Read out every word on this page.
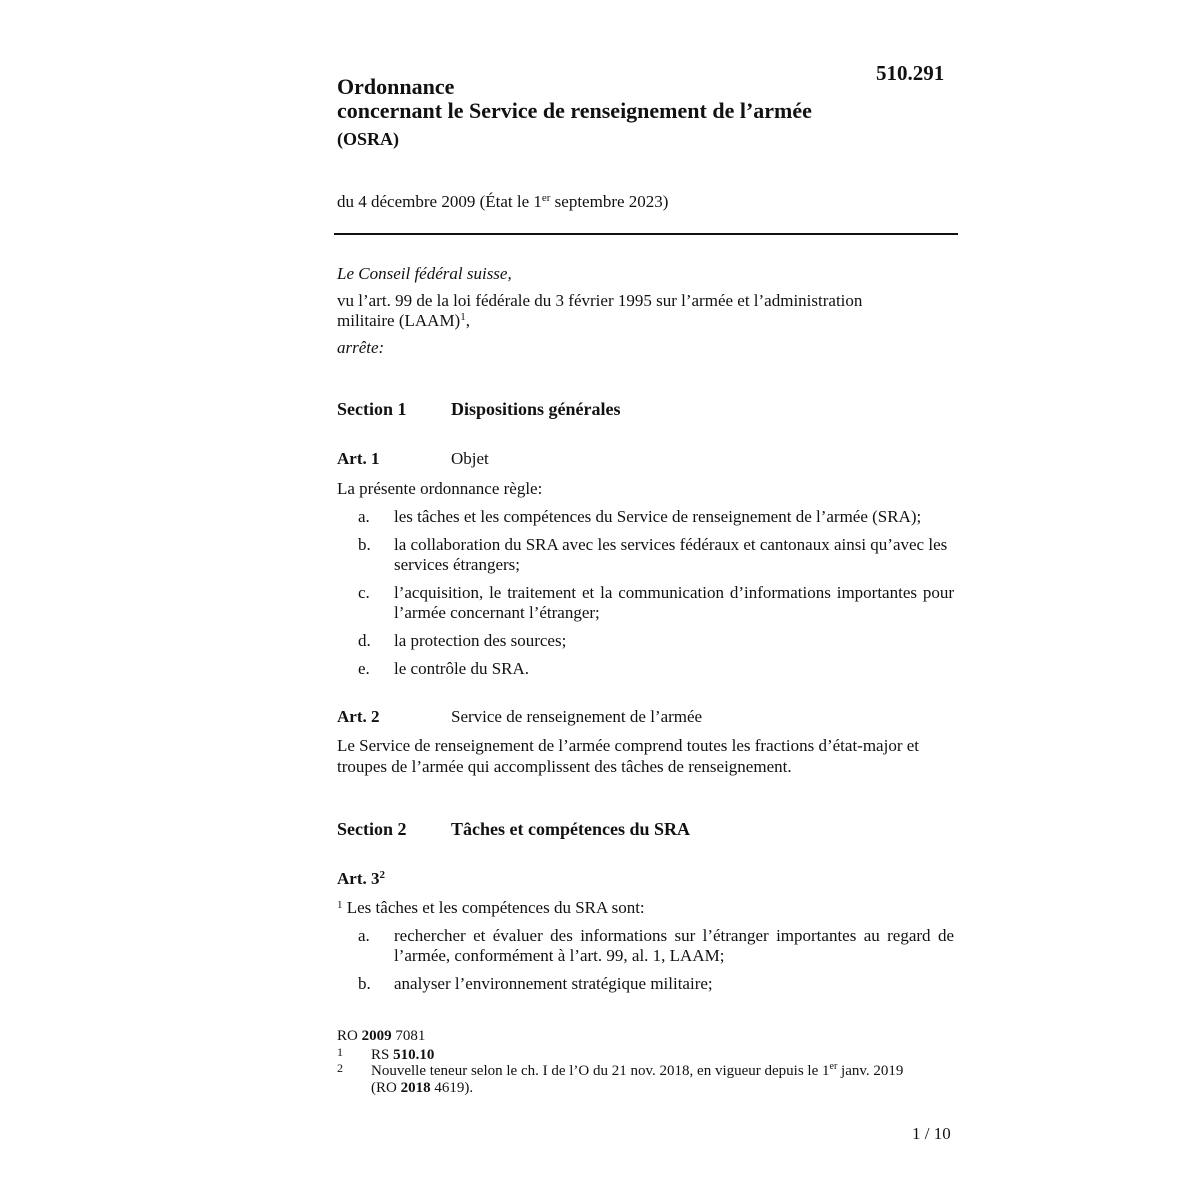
510.291
Ordonnance
concernant le Service de renseignement de l’armée
(OSRA)
du 4 décembre 2009 (État le 1er septembre 2023)
Le Conseil fédéral suisse,
vu l’art. 99 de la loi fédérale du 3 février 1995 sur l’armée et l’administration
militaire (LAAM)$^1$,
arrête:
Section 1 Dispositions générales
Art. 1	Objet
La présente ordonnance règle:
a. les tâches et les compétences du Service de renseignement de l’armée (SRA);
b. la collaboration du SRA avec les services fédéraux et cantonaux ainsi qu’avec les services étrangers;
c. l’acquisition, le traitement et la communication d’informations importantes pour l’armée concernant l’étranger;
d. la protection des sources;
e. le contrôle du SRA.
Art. 2	Service de renseignement de l’armée
Le Service de renseignement de l’armée comprend toutes les fractions d’état-major et troupes de l’armée qui accomplissent des tâches de renseignement.
Section 2 Tâches et compétences du SRA
Art. $3^2$
$^1$ Les tâches et les compétences du SRA sont:
a. rechercher et évaluer des informations sur l’étranger importantes au regard de l’armée, conformément à l’art. 99, al. 1, LAAM;
b. analyser l’environnement stratégique militaire;
RO 2009 7081
1 RS 510.10
2 Nouvelle teneur selon le ch. I de l’O du 21 nov. 2018, en vigueur depuis le 1er janv. 2019
(RO 2018 4619).
1 / 10
